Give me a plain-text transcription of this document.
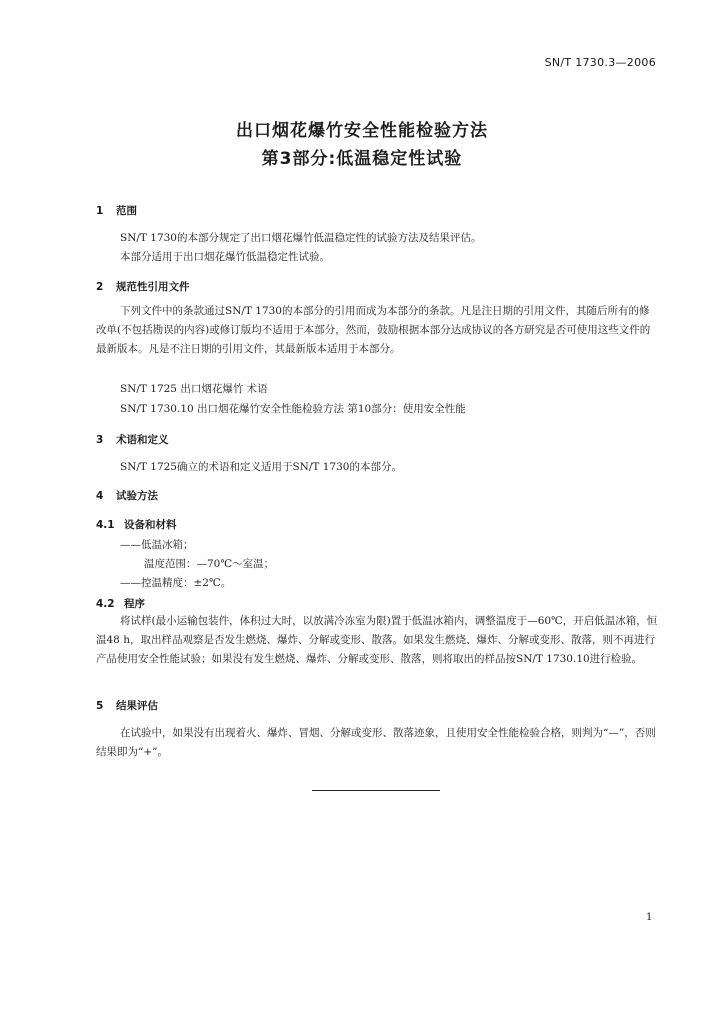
SN/T 1730.3—2006
出口烟花爆竹安全性能检验方法
第3部分:低温稳定性试验
1 范围
SN/T 1730的本部分规定了出口烟花爆竹低温稳定性的试验方法及结果评估。
本部分适用于出口烟花爆竹低温稳定性试验。
2 规范性引用文件
下列文件中的条款通过SN/T 1730的本部分的引用而成为本部分的条款。凡是注日期的引用文件，其随后所有的修改单(不包括勘误的内容)或修订版均不适用于本部分，然而，鼓励根据本部分达成协议的各方研究是否可使用这些文件的最新版本。凡是不注日期的引用文件，其最新版本适用于本部分。
SN/T 1725 出口烟花爆竹 术语
SN/T 1730.10 出口烟花爆竹安全性能检验方法 第10部分：使用安全性能
3 术语和定义
SN/T 1725确立的术语和定义适用于SN/T 1730的本部分。
4 试验方法
4.1 设备和材料
——低温冰箱；
温度范围：—70℃～室温；
——控温精度：±2℃。
4.2 程序
将试样(最小运输包装件，体积过大时，以放满冷冻室为限)置于低温冰箱内，调整温度于—60℃，开启低温冰箱，恒温48 h，取出样品观察是否发生燃烧、爆炸、分解或变形、散落。如果发生燃烧、爆炸、分解或变形、散落，则不再进行产品使用安全性能试验；如果没有发生燃烧、爆炸、分解或变形、散落，则将取出的样品按SN/T 1730.10进行检验。
5 结果评估
在试验中，如果没有出现着火、爆炸、冒烟、分解或变形、散落迹象，且使用安全性能检验合格，则判为“—”，否则结果即为“+”。
1
